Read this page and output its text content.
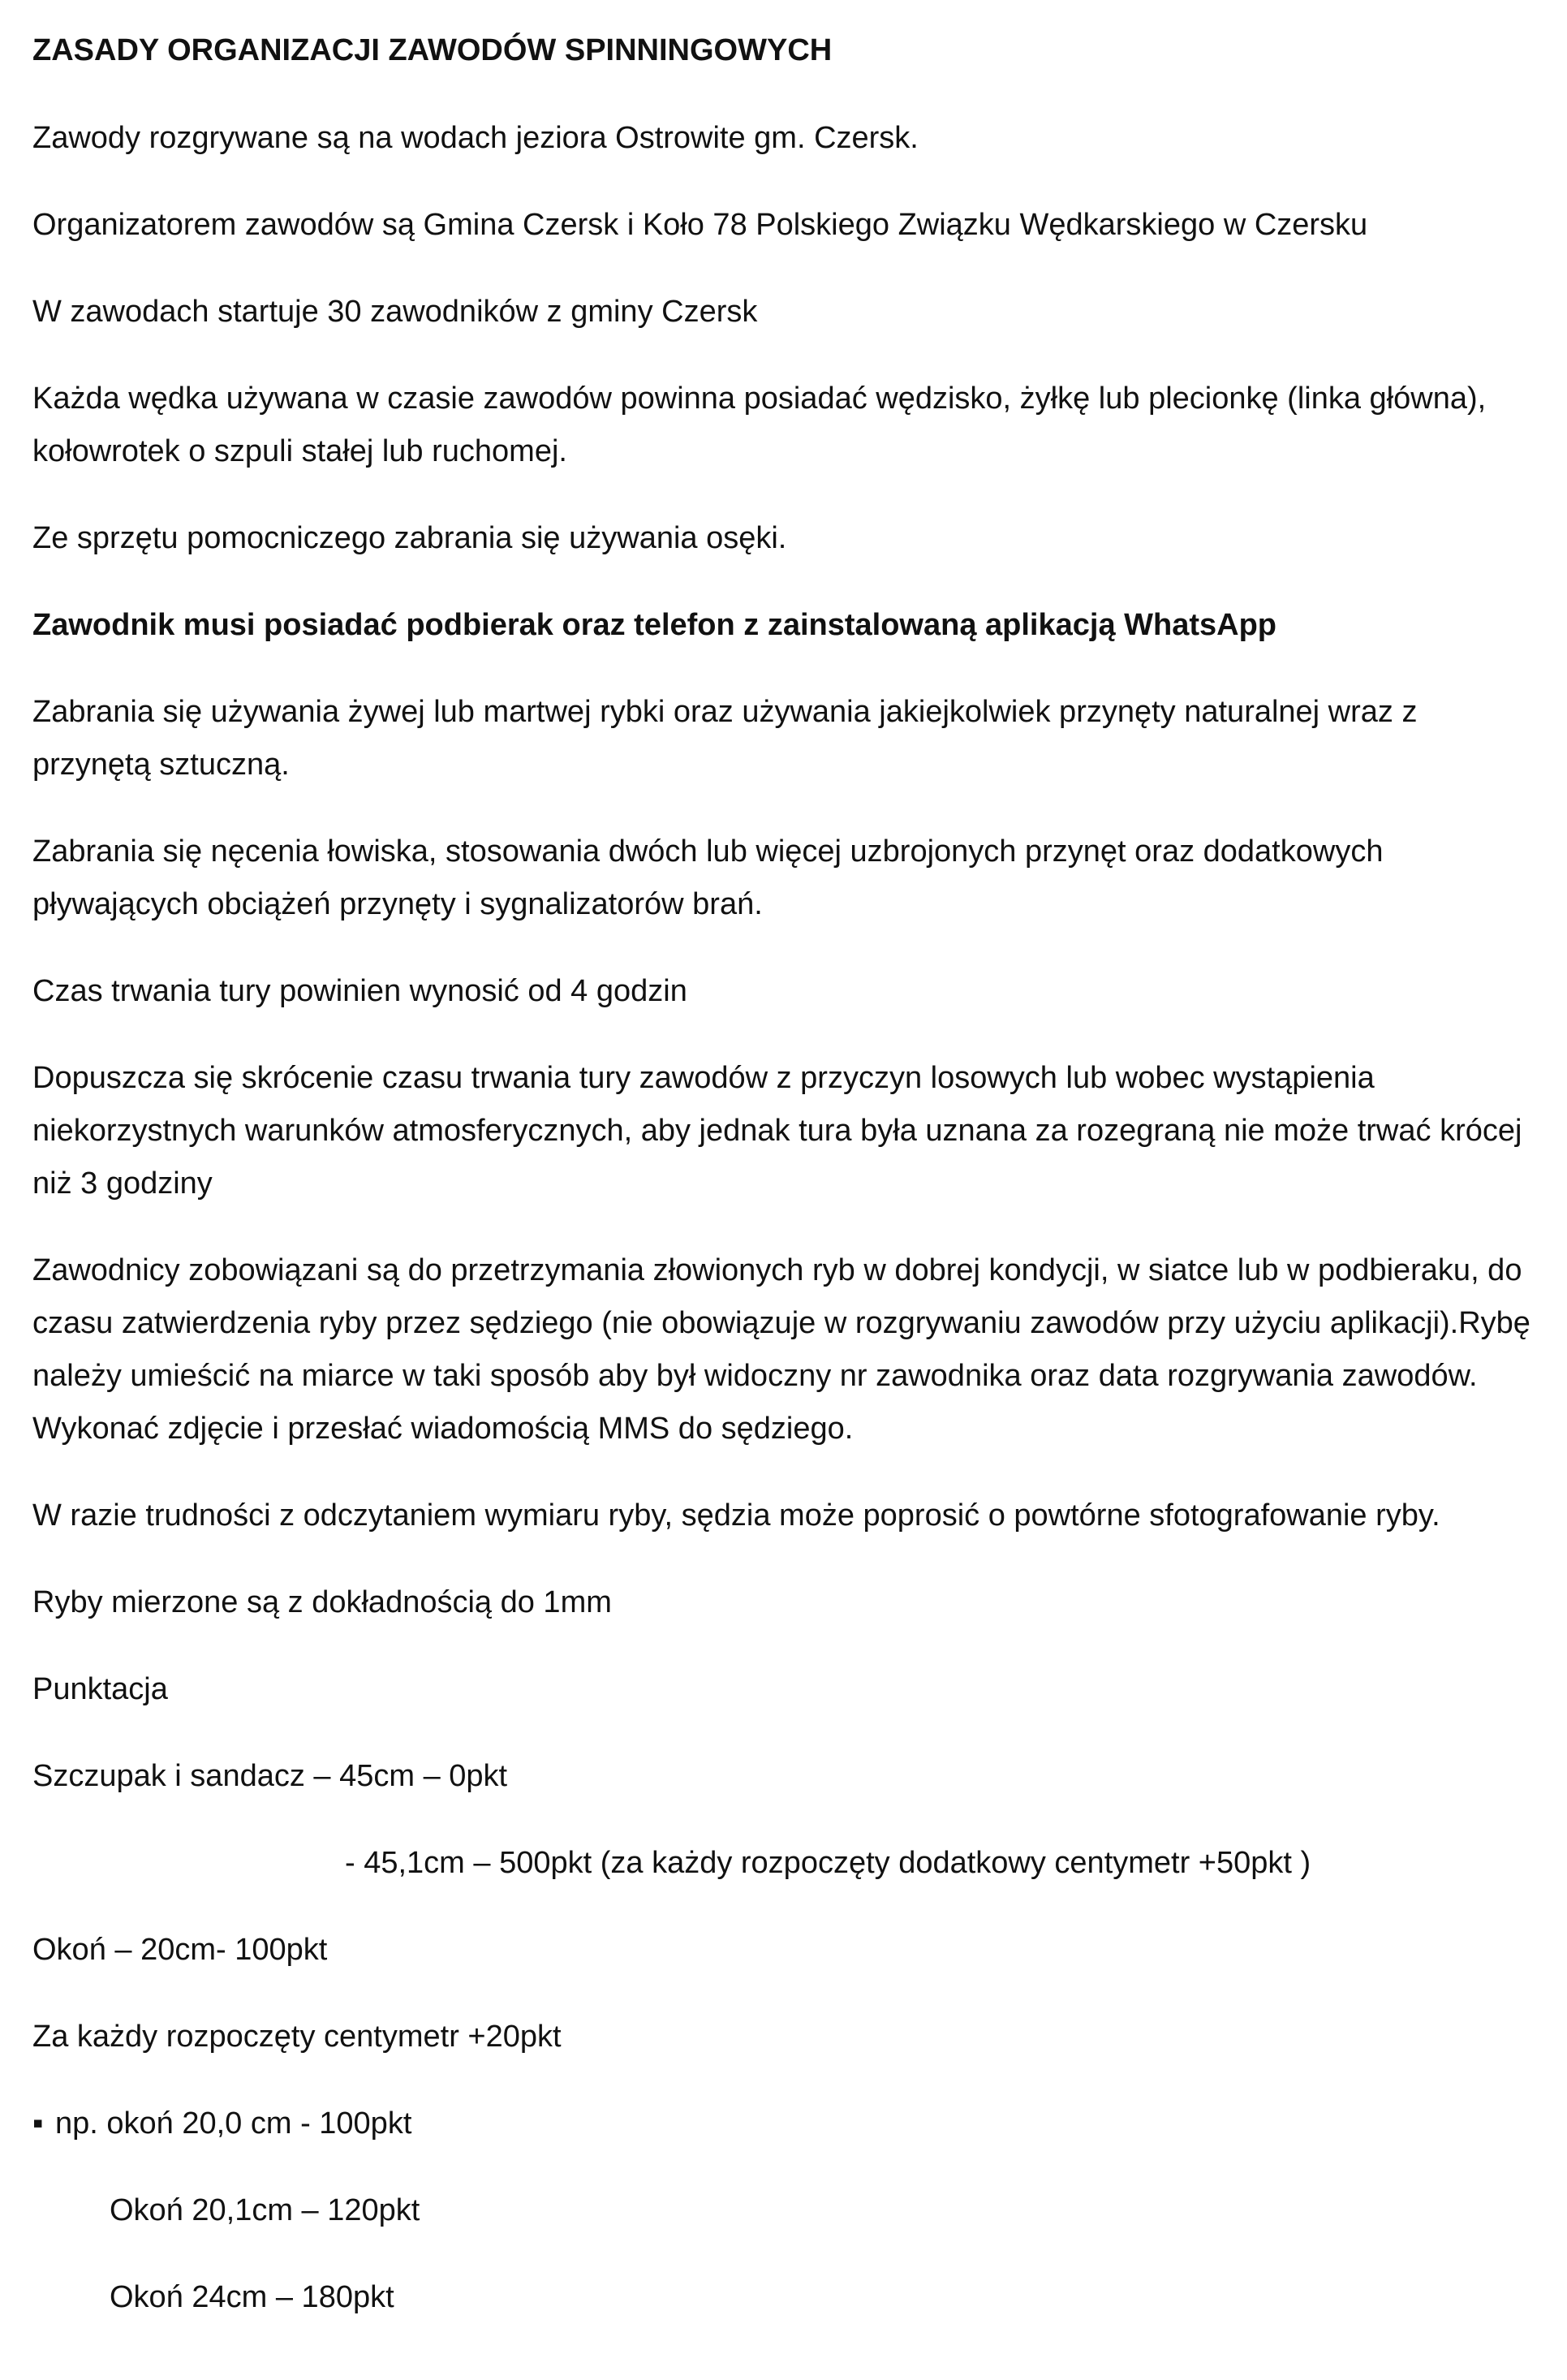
ZASADY ORGANIZACJI ZAWODÓW SPINNINGOWYCH

Zawody rozgrywane są na wodach jeziora Ostrowite gm. Czersk.

Organizatorem zawodów są Gmina Czersk i Koło 78 Polskiego Związku Wędkarskiego w Czersku

W zawodach startuje 30 zawodników z gminy Czersk

Każda wędka używana w czasie zawodów powinna posiadać wędzisko, żyłkę lub plecionkę (linka główna), kołowrotek o szpuli stałej lub ruchomej.

Ze sprzętu pomocniczego zabrania się używania osęki.

Zawodnik musi posiadać podbierak oraz telefon z zainstalowaną aplikacją WhatsApp

Zabrania się używania żywej lub martwej rybki oraz używania jakiejkolwiek przynęty naturalnej wraz z przynętą sztuczną.

Zabrania się nęcenia łowiska, stosowania dwóch lub więcej uzbrojonych przynęt oraz dodatkowych pływających obciążeń przynęty i sygnalizatorów brań.

Czas trwania tury powinien wynosić od 4 godzin

Dopuszcza się skrócenie czasu trwania tury zawodów z przyczyn losowych lub wobec wystąpienia niekorzystnych warunków atmosferycznych, aby jednak tura była uznana za rozegraną nie może trwać krócej niż 3 godziny

Zawodnicy zobowiązani są do przetrzymania złowionych ryb w dobrej kondycji, w siatce lub w podbieraku, do czasu zatwierdzenia ryby przez sędziego (nie obowiązuje w rozgrywaniu zawodów przy użyciu aplikacji).Rybę należy umieścić na miarce w taki sposób aby był widoczny nr zawodnika oraz data rozgrywania zawodów. Wykonać zdjęcie i przesłać wiadomością MMS do sędziego.

W razie trudności z odczytaniem wymiaru ryby, sędzia może poprosić o powtórne sfotografowanie ryby.

Ryby mierzone są z dokładnością do 1mm

Punktacja

Szczupak i sandacz – 45cm – 0pkt

- 45,1cm – 500pkt (za każdy rozpoczęty dodatkowy centymetr +50pkt )

Okoń – 20cm- 100pkt

Za każdy rozpoczęty centymetr +20pkt

▪ np. okoń 20,0 cm - 100pkt

Okoń 20,1cm – 120pkt

Okoń 24cm – 180pkt
